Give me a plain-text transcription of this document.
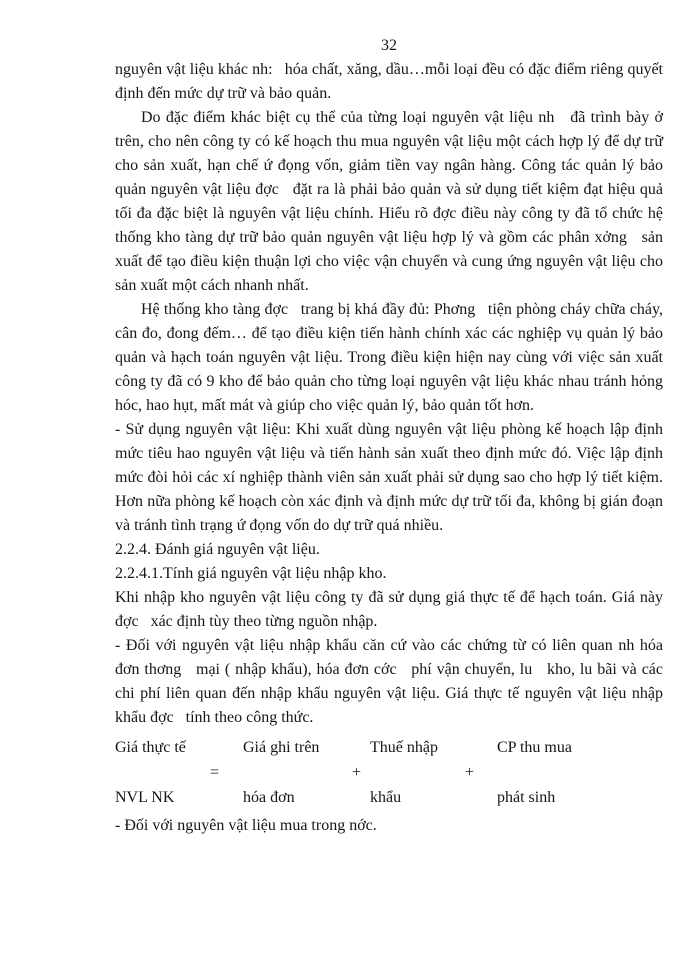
32

nguyên vật liệu khác nh:   hóa chất, xăng, dầu…mỗi loại đều có đặc điểm riêng quyết định đến mức dự trữ và bảo quản.

Do đặc điểm khác biệt cụ thể của từng loại nguyên vật liệu nh   đã trình bày ở trên, cho nên công ty có kế hoạch thu mua nguyên vật liệu một cách hợp lý để dự trữ cho sản xuất, hạn chế ứ đọng vốn, giảm tiền vay ngân hàng. Công tác quản lý bảo quản nguyên vật liệu đợc   đặt ra là phải bảo quản và sử dụng tiết kiệm đạt hiệu quả tối đa đặc biệt là nguyên vật liệu chính. Hiểu rõ đợc điều này công ty đã tổ chức hệ thống kho tàng dự trữ bảo quản nguyên vật liệu hợp lý và gồm các phân xởng   sản xuất để tạo điều kiện thuận lợi cho việc vận chuyển và cung ứng nguyên vật liệu cho sản xuất một cách nhanh nhất.

Hệ thống kho tàng đợc   trang bị khá đầy đủ: Phơng   tiện phòng cháy chữa cháy, cân đo, đong đếm… để tạo điều kiện tiến hành chính xác các nghiệp vụ quản lý bảo quản và hạch toán nguyên vật liệu. Trong điều kiện hiện nay cùng với việc sản xuất công ty đã có 9 kho để bảo quản cho từng loại nguyên vật liệu khác nhau tránh hỏng hóc, hao hụt, mất mát và giúp cho việc quản lý, bảo quản tốt hơn.

- Sử dụng nguyên vật liệu: Khi xuất dùng nguyên vật liệu phòng kế hoạch lập định mức tiêu hao nguyên vật liệu và tiến hành sản xuất theo định mức đó. Việc lập định mức đòi hỏi các xí nghiệp thành viên sản xuất phải sử dụng sao cho hợp lý tiết kiệm. Hơn nữa phòng kế hoạch còn xác định và định mức dự trữ tối đa, không bị gián đoạn và tránh tình trạng ứ đọng vốn do dự trữ quá nhiều.

2.2.4. Đánh giá nguyên vật liệu.

2.2.4.1.Tính giá nguyên vật liệu nhập kho.

Khi nhập kho nguyên vật liệu công ty đã sử dụng giá thực tế để hạch toán. Giá này đợc   xác định tùy theo từng nguồn nhập.

- Đối với nguyên vật liệu nhập khẩu căn cứ vào các chứng từ có liên quan nh hóa đơn thơng   mại ( nhập khẩu), hóa đơn cớc   phí vận chuyển, lu   kho, lu bãi và các chi phí liên quan đến nhập khẩu nguyên vật liệu. Giá thực tế nguyên vật liệu nhập khẩu đợc   tính theo công thức.

Giá thực tế	Giá ghi trên	Thuế nhập	CP thu mua
=	+	+
NVL NK	hóa đơn	khẩu	phát sinh

- Đối với nguyên vật liệu mua trong nớc.
